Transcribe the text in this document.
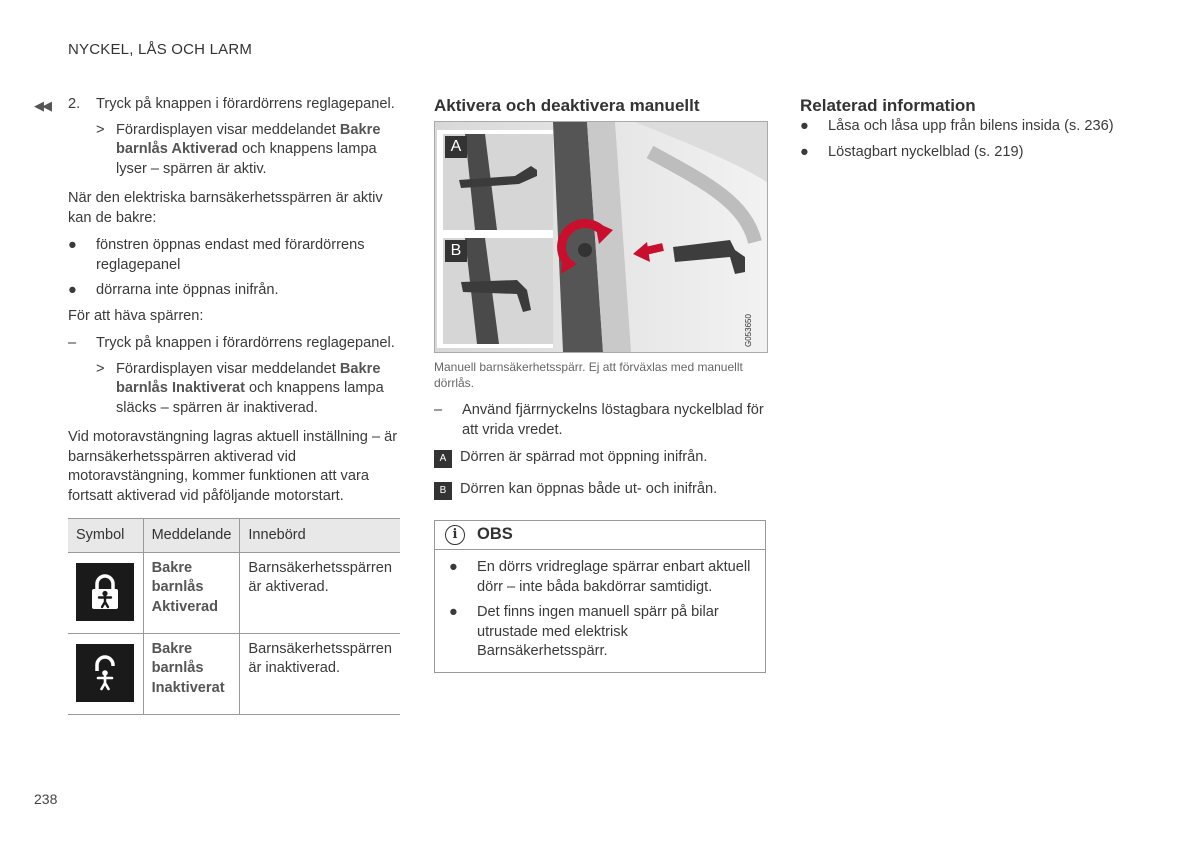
NYCKEL, LÅS OCH LARM
◀◀ 2.	Tryck på knappen i förardörrens reglagepanel.
> Förardisplayen visar meddelandet Bakre barnlås Aktiverad och knappens lampa lyser – spärren är aktiv.

När den elektriska barnsäkerhetsspärren är aktiv kan de bakre:

●	fönstren öppnas endast med förardörrens reglagepanel
●	dörrarna inte öppnas inifrån.

För att häva spärren:

–	Tryck på knappen i förardörrens reglagepanel.
> Förardisplayen visar meddelandet Bakre barnlås Inaktiverat och knappens lampa släcks – spärren är inaktiverad.

Vid motoravstängning lagras aktuell inställning – är barnsäkerhetsspärren aktiverad vid motoravstängning, kommer funktionen att vara fortsatt aktiverad vid påföljande motorstart.

Symbol	Meddelande	Innebörd

	Bakre barnlås Aktiverad	Barnsäkerhetsspärren är aktiverad.

	Bakre barnlås Inaktiverat	Barnsäkerhetsspärren är inaktiverad.
Aktivera och deaktivera manuellt
G053650
A
B
Manuell barnsäkerhetsspärr. Ej att förväxlas med manuellt dörrlås.
–	Använd fjärrnyckelns löstagbara nyckelblad för att vrida vredet.
A Dörren är spärrad mot öppning inifrån.
B Dörren kan öppnas både ut- och inifrån.
i	OBS
●	En dörrs vridreglage spärrar enbart aktuell dörr – inte båda bakdörrar samtidigt.
●	Det finns ingen manuell spärr på bilar utrustade med elektrisk Barnsäkerhetsspärr.
Relaterad information
●	Låsa och låsa upp från bilens insida (s. 236)
●	Löstagbart nyckelblad (s. 219)
238
